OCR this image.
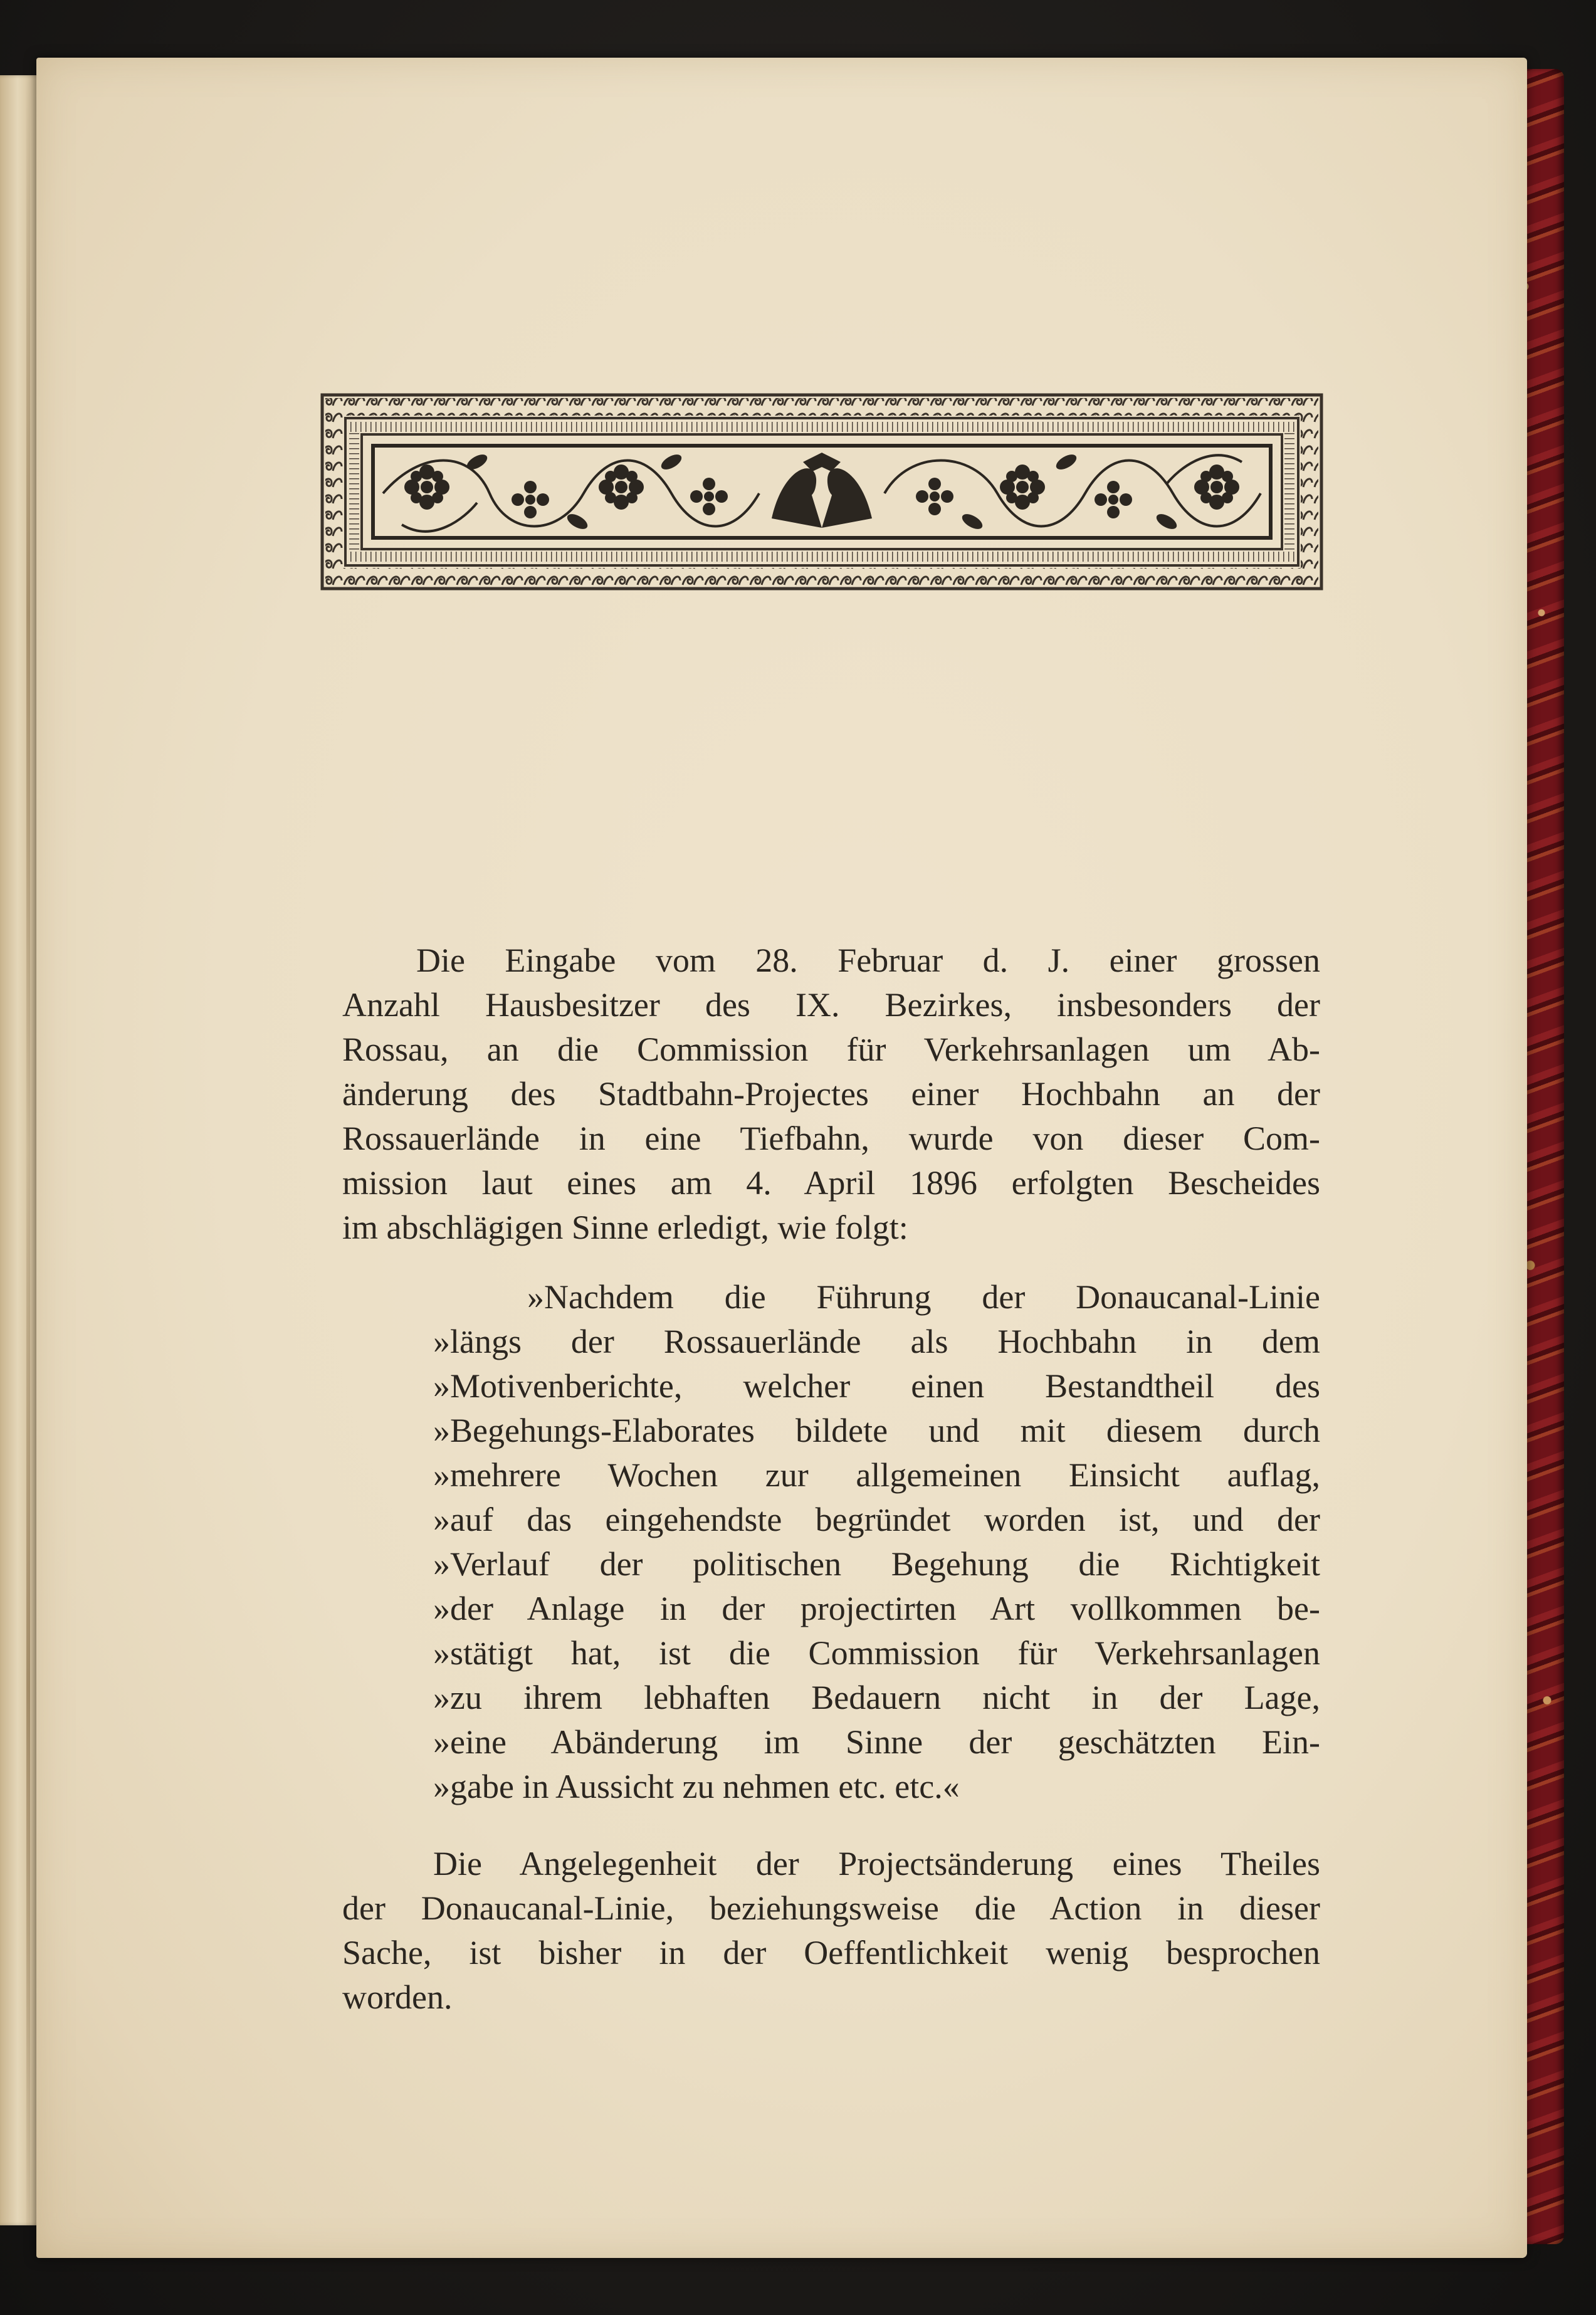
Die Eingabe vom 28. Februar d. J. einer grossen
Anzahl Hausbesitzer des IX. Bezirkes, insbesonders der
Rossau, an die Commission für Verkehrsanlagen um Ab-
änderung des Stadtbahn-Projectes einer Hochbahn an der
Rossauerlände in eine Tiefbahn, wurde von dieser Com-
mission laut eines am 4. April 1896 erfolgten Bescheides
im abschlägigen Sinne erledigt, wie folgt:
»Nachdem die Führung der Donaucanal-Linie
»längs der Rossauerlände als Hochbahn in dem
»Motivenberichte, welcher einen Bestandtheil des
»Begehungs-Elaborates bildete und mit diesem durch
»mehrere Wochen zur allgemeinen Einsicht auflag,
»auf das eingehendste begründet worden ist, und der
»Verlauf der politischen Begehung die Richtigkeit
»der Anlage in der projectirten Art vollkommen be-
»stätigt hat, ist die Commission für Verkehrsanlagen
»zu ihrem lebhaften Bedauern nicht in der Lage,
»eine Abänderung im Sinne der geschätzten Ein-
»gabe in Aussicht zu nehmen etc. etc.«
Die Angelegenheit der Projectsänderung eines Theiles
der Donaucanal-Linie, beziehungsweise die Action in dieser
Sache, ist bisher in der Oeffentlichkeit wenig besprochen
worden.
